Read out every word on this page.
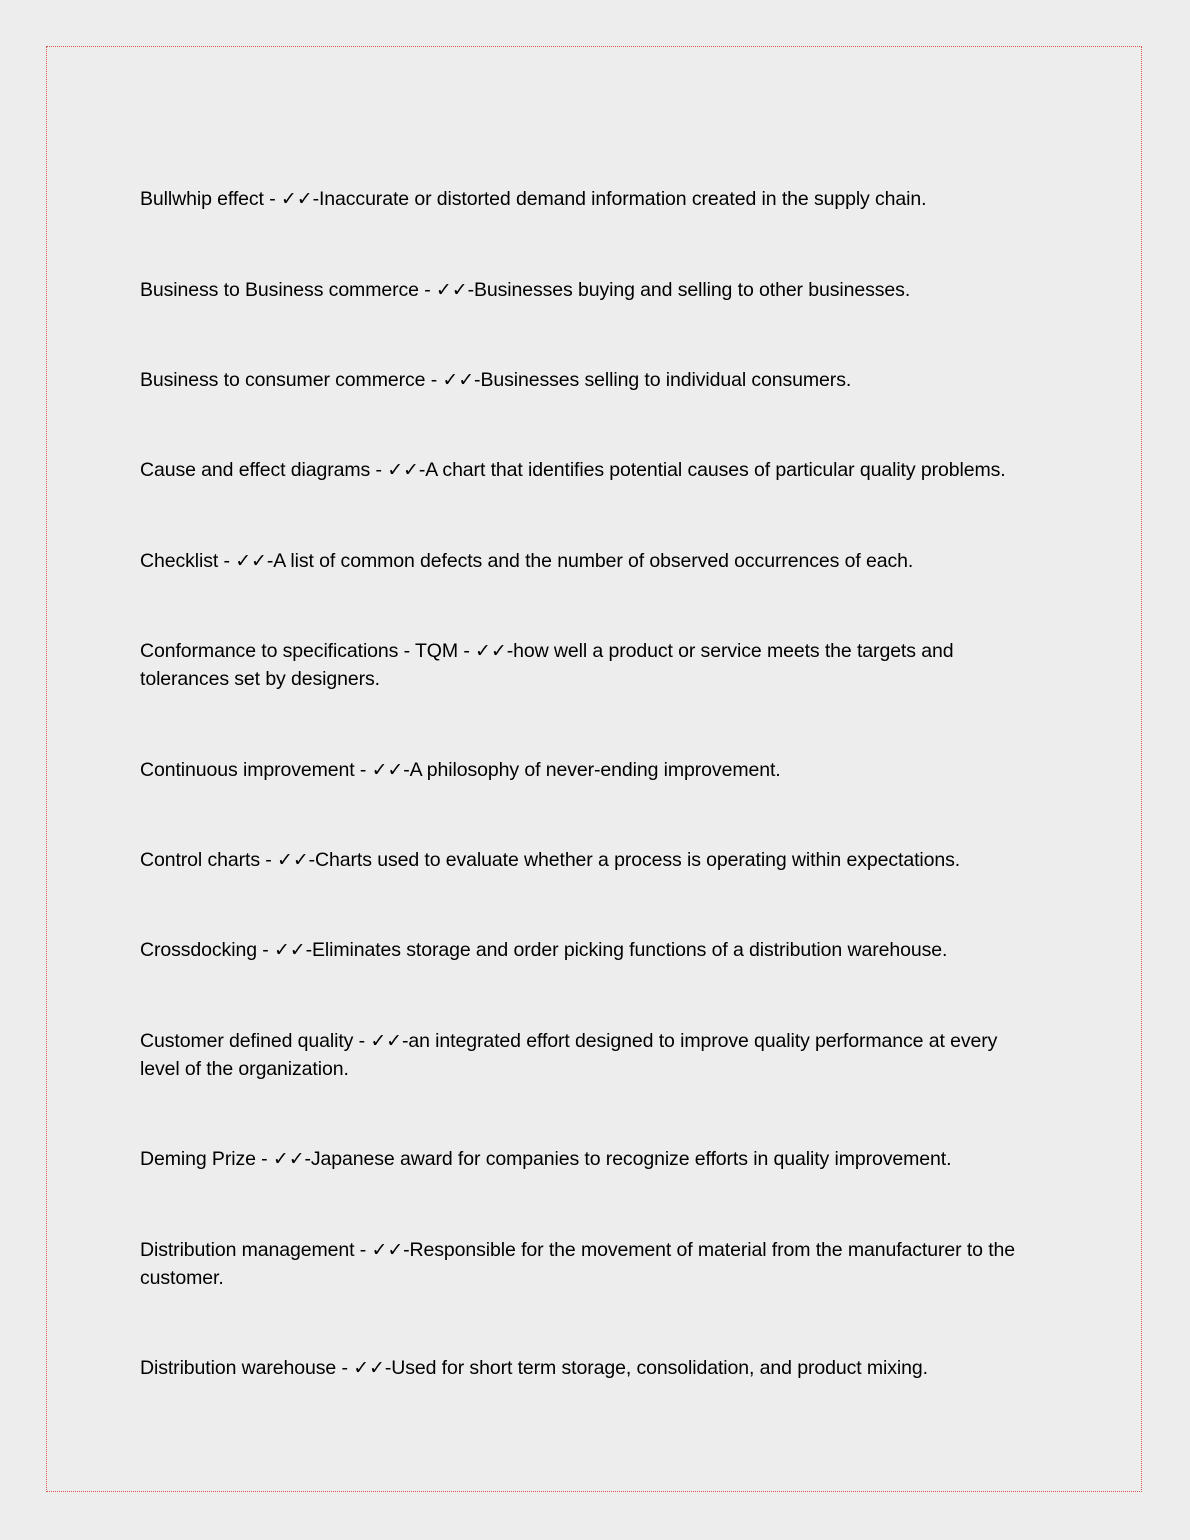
Bullwhip effect - ✓✓-Inaccurate or distorted demand information created in the supply chain.

Business to Business commerce - ✓✓-Businesses buying and selling to other businesses.

Business to consumer commerce - ✓✓-Businesses selling to individual consumers.

Cause and effect diagrams - ✓✓-A chart that identifies potential causes of particular quality problems.

Checklist - ✓✓-A list of common defects and the number of observed occurrences of each.

Conformance to specifications - TQM - ✓✓-how well a product or service meets the targets and tolerances set by designers.

Continuous improvement - ✓✓-A philosophy of never-ending improvement.

Control charts - ✓✓-Charts used to evaluate whether a process is operating within expectations.

Crossdocking - ✓✓-Eliminates storage and order picking functions of a distribution warehouse.

Customer defined quality - ✓✓-an integrated effort designed to improve quality performance at every level of the organization.

Deming Prize - ✓✓-Japanese award for companies to recognize efforts in quality improvement.

Distribution management - ✓✓-Responsible for the movement of material from the manufacturer to the customer.

Distribution warehouse - ✓✓-Used for short term storage, consolidation, and product mixing.
